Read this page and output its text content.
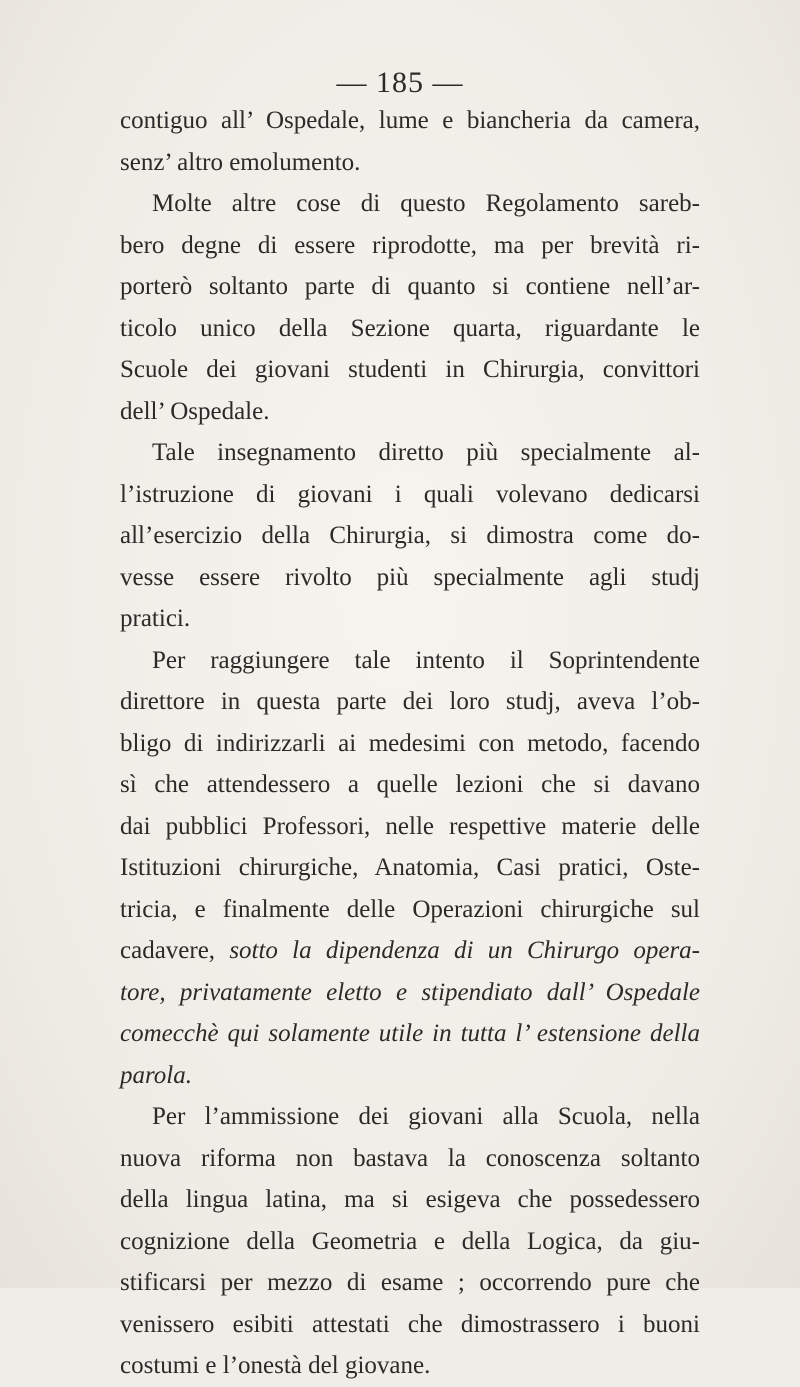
— 185 —
contiguo all’ Ospedale, lume e biancheria da camera,
senz’ altro emolumento.
Molte altre cose di questo Regolamento sareb-
bero degne di essere riprodotte, ma per brevità ri-
porterò soltanto parte di quanto si contiene nell’ar-
ticolo unico della Sezione quarta, riguardante le
Scuole dei giovani studenti in Chirurgia, convittori
dell’ Ospedale.
Tale insegnamento diretto più specialmente al-
l’istruzione di giovani i quali volevano dedicarsi
all’esercizio della Chirurgia, si dimostra come do-
vesse essere rivolto più specialmente agli studj
pratici.
Per raggiungere tale intento il Soprintendente
direttore in questa parte dei loro studj, aveva l’ob-
bligo di indirizzarli ai medesimi con metodo, facendo
sì che attendessero a quelle lezioni che si davano
dai pubblici Professori, nelle respettive materie delle
Istituzioni chirurgiche, Anatomia, Casi pratici, Oste-
tricia, e finalmente delle Operazioni chirurgiche sul
cadavere, sotto la dipendenza di un Chirurgo opera-
tore, privatamente eletto e stipendiato dall’ Ospedale
comecchè qui solamente utile in tutta l’ estensione della
parola.
Per l’ammissione dei giovani alla Scuola, nella
nuova riforma non bastava la conoscenza soltanto
della lingua latina, ma si esigeva che possedessero
cognizione della Geometria e della Logica, da giu-
stificarsi per mezzo di esame ; occorrendo pure che
venissero esibiti attestati che dimostrassero i buoni
costumi e l’onestà del giovane.
